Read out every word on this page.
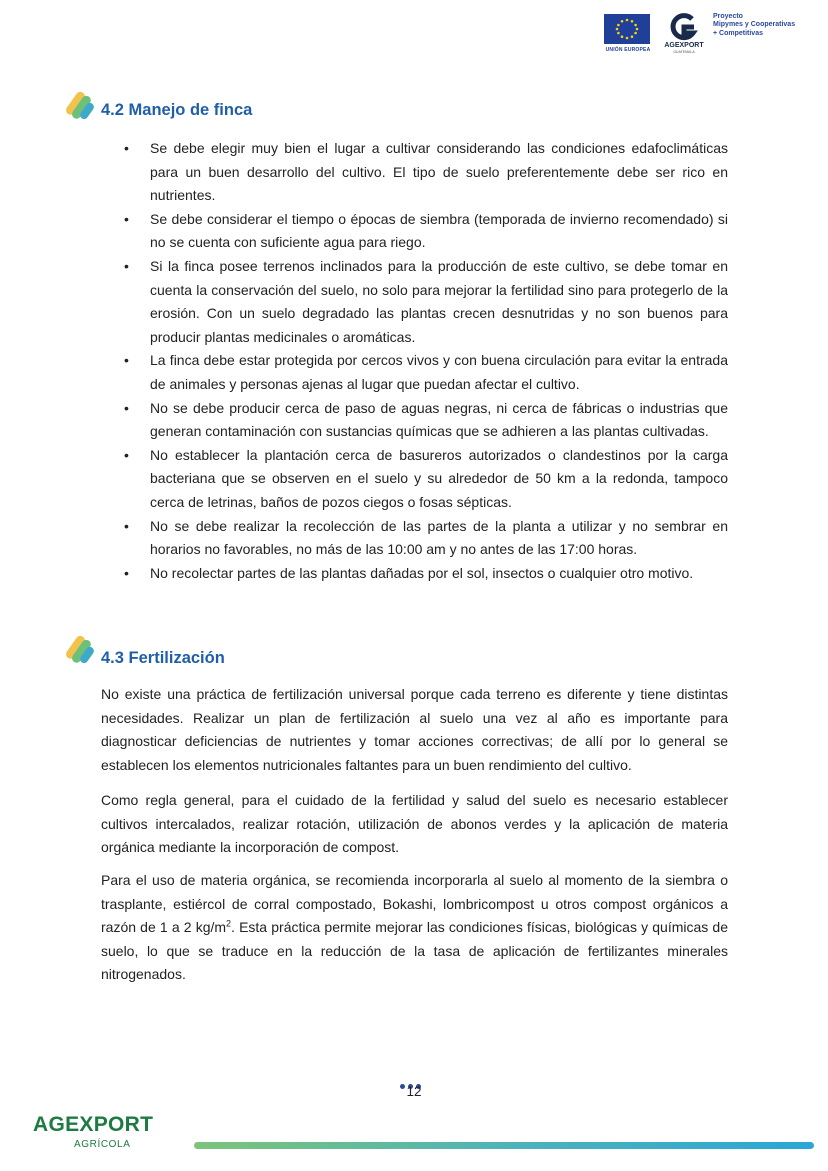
UNIÓN EUROPEA
AGEXPORT
GUATEMALA
Proyecto
Mipymes y Cooperativas
+ Competitivas
4.2 Manejo de finca
•	Se debe elegir muy bien el lugar a cultivar considerando las condiciones edafoclimáticas para un buen desarrollo del cultivo. El tipo de suelo preferentemente debe ser rico en nutrientes.
•	Se debe considerar el tiempo o épocas de siembra (temporada de invierno recomendado) si no se cuenta con suficiente agua para riego.
•	Si la finca posee terrenos inclinados para la producción de este cultivo, se debe tomar en cuenta la conservación del suelo, no solo para mejorar la fertilidad sino para protegerlo de la erosión. Con un suelo degradado las plantas crecen desnutridas y no son buenos para producir plantas medicinales o aromáticas.
•	La finca debe estar protegida por cercos vivos y con buena circulación para evitar la entrada de animales y personas ajenas al lugar que puedan afectar el cultivo.
•	No se debe producir cerca de paso de aguas negras, ni cerca de fábricas o industrias que generan contaminación con sustancias químicas que se adhieren a las plantas cultivadas.
•	No establecer la plantación cerca de basureros autorizados o clandestinos por la carga bacteriana que se observen en el suelo y su alrededor de 50 km a la redonda, tampoco cerca de letrinas, baños de pozos ciegos o fosas sépticas.
•	No se debe realizar la recolección de las partes de la planta a utilizar y no sembrar en horarios no favorables, no más de las 10:00 am y no antes de las 17:00 horas.
•	No recolectar partes de las plantas dañadas por el sol, insectos o cualquier otro motivo.
4.3 Fertilización

No existe una práctica de fertilización universal porque cada terreno es diferente y tiene distintas necesidades. Realizar un plan de fertilización al suelo una vez al año es importante para diagnosticar deficiencias de nutrientes y tomar acciones correctivas; de allí por lo general se establecen los elementos nutricionales faltantes para un buen rendimiento del cultivo.

Como regla general, para el cuidado de la fertilidad y salud del suelo es necesario establecer cultivos intercalados, realizar rotación, utilización de abonos verdes y la aplicación de materia orgánica mediante la incorporación de compost.

Para el uso de materia orgánica, se recomienda incorporarla al suelo al momento de la siembra o trasplante, estiércol de corral compostado, Bokashi, lombricompost u otros compost orgánicos a razón de 1 a 2 $kg/m^2$. Esta práctica permite mejorar las condiciones físicas, biológicas y químicas de suelo, lo que se traduce en la reducción de la tasa de aplicación de fertilizantes minerales nitrogenados.

12
AGEXPORT
AGRÍCOLA
